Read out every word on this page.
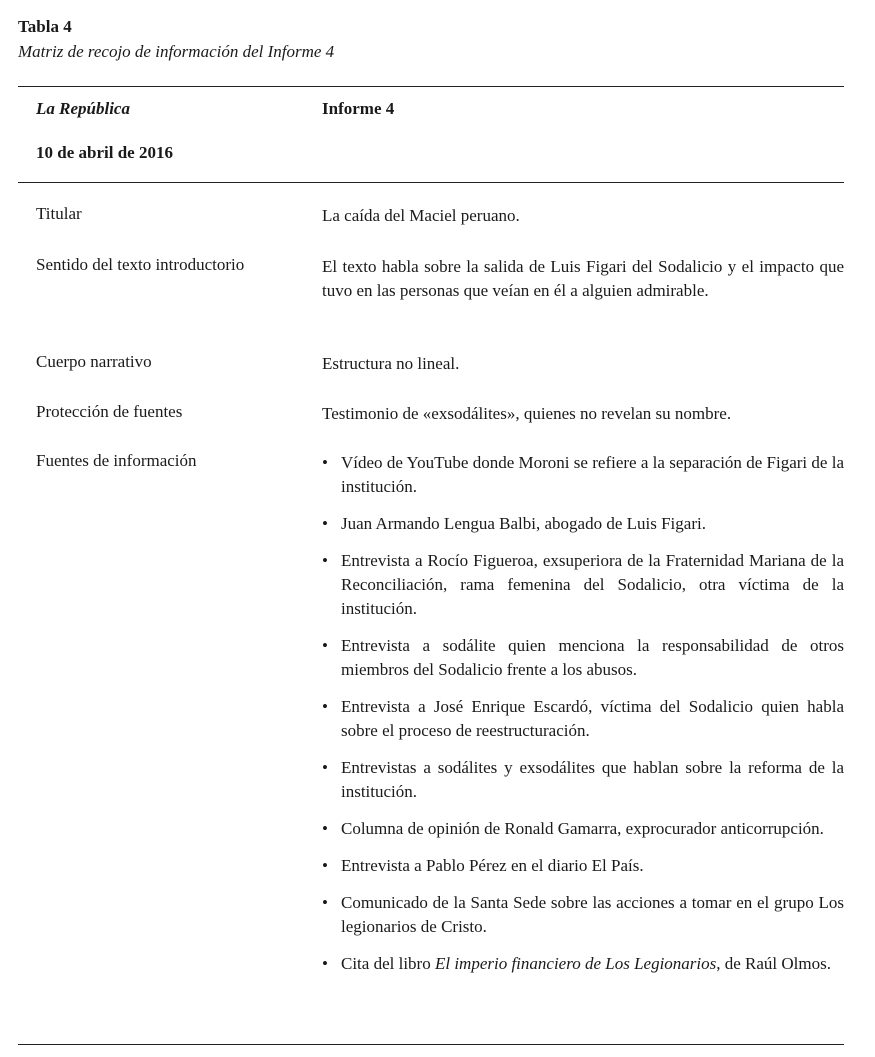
Tabla 4
Matriz de recojo de información del Informe 4
La República	Informe 4
10 de abril de 2016
Titular	La caída del Maciel peruano.
Sentido del texto introductorio	El texto habla sobre la salida de Luis Figari del Sodalicio y el impacto que tuvo en las personas que veían en él a alguien admirable.
Cuerpo narrativo	Estructura no lineal.
Protección de fuentes	Testimonio de «exsodálites», quienes no revelan su nombre.
Fuentes de información	• Vídeo de YouTube donde Moroni se refiere a la separación de Figari de la institución.
• Juan Armando Lengua Balbi, abogado de Luis Figari.
• Entrevista a Rocío Figueroa, exsuperiora de la Fraternidad Mariana de la Reconciliación, rama femenina del Sodalicio, otra víctima de la institución.
• Entrevista a sodálite quien menciona la responsabilidad de otros miembros del Sodalicio frente a los abusos.
• Entrevista a José Enrique Escardó, víctima del Sodalicio quien habla sobre el proceso de reestructuración.
• Entrevistas a sodálites y exsodálites que hablan sobre la reforma de la institución.
• Columna de opinión de Ronald Gamarra, exprocurador anticorrupción.
• Entrevista a Pablo Pérez en el diario El País.
• Comunicado de la Santa Sede sobre las acciones a tomar en el grupo Los legionarios de Cristo.
• Cita del libro El imperio financiero de Los Legionarios, de Raúl Olmos.
